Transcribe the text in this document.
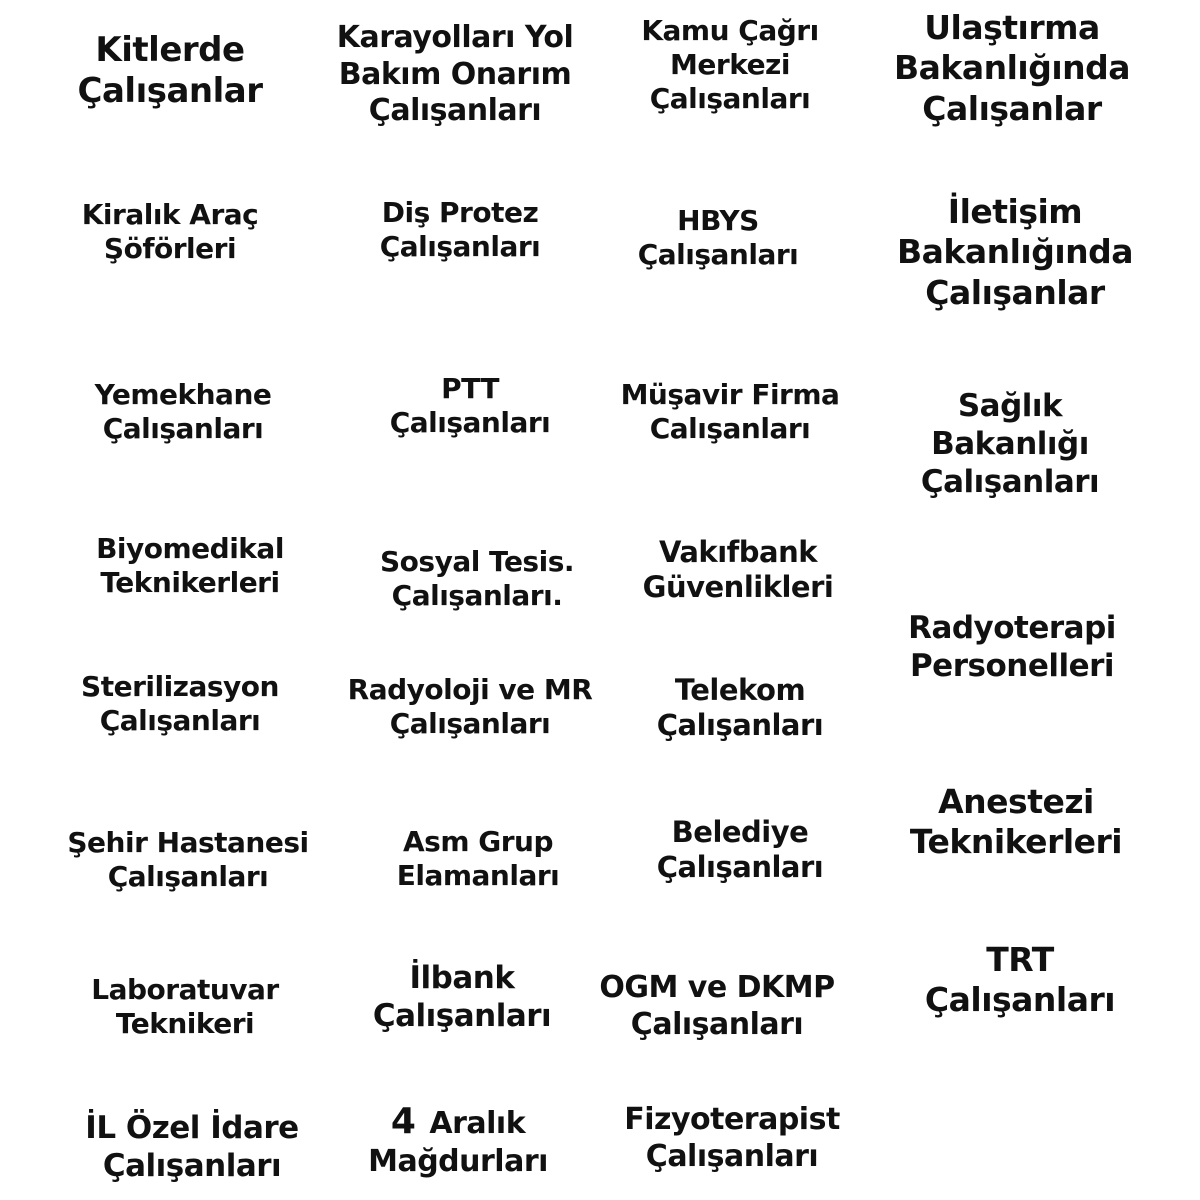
Kitlerde
Çalışanlar
Karayolları Yol
Bakım Onarım
Çalışanları
Kamu Çağrı
Merkezi
Çalışanları
Ulaştırma
Bakanlığında
Çalışanlar
Kiralık Araç
Şöförleri
Diş Protez
Çalışanları
HBYS
Çalışanları
İletişim
Bakanlığında
Çalışanlar
Yemekhane
Çalışanları
PTT
Çalışanları
Müşavir Firma
Calışanları
Sağlık
Bakanlığı
Çalışanları
Biyomedikal
Teknikerleri
Sosyal Tesis.
Çalışanları.
Vakıfbank
Güvenlikleri
Radyoterapi
Personelleri
Sterilizasyon
Çalışanları
Radyoloji ve MR
Çalışanları
Telekom
Çalışanları
Anestezi
Teknikerleri
Şehir Hastanesi
Çalışanları
Asm Grup
Elamanları
Belediye
Çalışanları
TRT
Çalışanları
Laboratuvar
Teknikeri
İlbank
Çalışanları
OGM ve DKMP
Çalışanları
İL Özel İdare
Çalışanları
4 Aralık
Mağdurları
Fizyoterapist
Çalışanları
